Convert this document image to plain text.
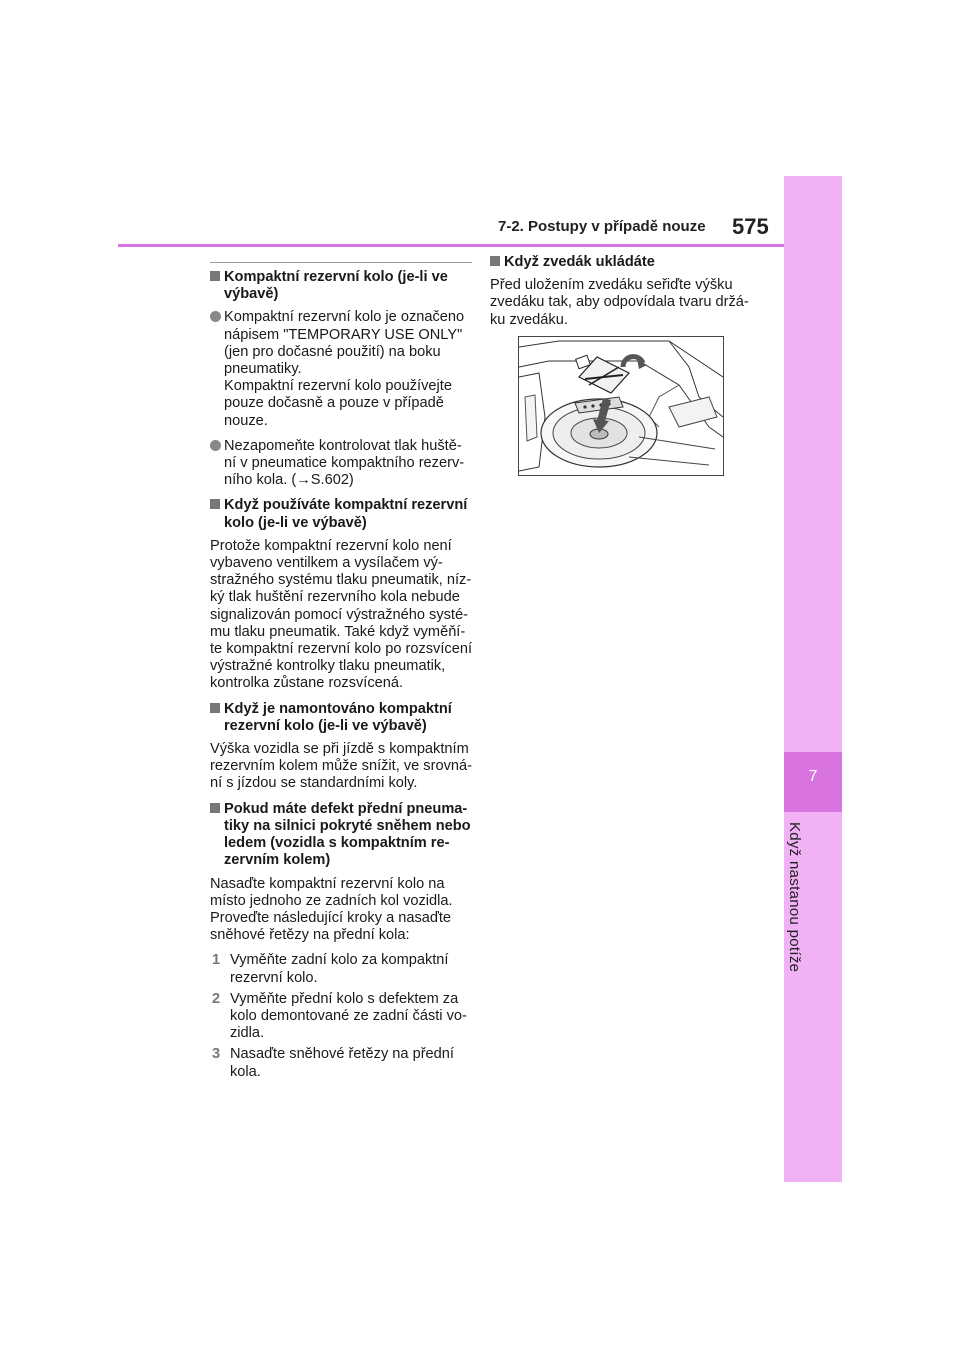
7
Když nastanou potíže
7-2. Postupy v případě nouze 575
Kompaktní rezervní kolo (je-li ve výbavě)
Kompaktní rezervní kolo je označeno nápisem "TEMPORARY USE ONLY" (jen pro dočasné použití) na boku pneumatiky.
Kompaktní rezervní kolo používejte pouze dočasně a pouze v případě nouze.
Nezapomeňte kontrolovat tlak huště- ní v pneumatice kompaktního rezerv- ního kola. (→S.602)
Když používáte kompaktní rezervní kolo (je-li ve výbavě)
Protože kompaktní rezervní kolo není vybaveno ventilkem a vysílačem vý- stražného systému tlaku pneumatik, níz- ký tlak huštění rezervního kola nebude signalizován pomocí výstražného systé- mu tlaku pneumatik. Také když vyměňí- te kompaktní rezervní kolo po rozsvícení výstražné kontrolky tlaku pneumatik, kontrolka zůstane rozsvícená.
Když je namontováno kompaktní rezervní kolo (je-li ve výbavě)
Výška vozidla se při jízdě s kompaktním rezervním kolem může snížit, ve srovná- ní s jízdou se standardními koly.
Pokud máte defekt přední pneuma- tiky na silnici pokryté sněhem nebo ledem (vozidla s kompaktním re- zervním kolem)
Nasaďte kompaktní rezervní kolo na místo jednoho ze zadních kol vozidla. Proveďte následující kroky a nasaďte sněhové řetězy na přední kola:
1 Vyměňte zadní kolo za kompaktní rezervní kolo.
2 Vyměňte přední kolo s defektem za kolo demontované ze zadní části vo- zidla.
3 Nasaďte sněhové řetězy na přední kola.
Když zvedák ukládáte
Před uložením zvedáku seřiďte výšku zvedáku tak, aby odpovídala tvaru držá- ku zvedáku.
